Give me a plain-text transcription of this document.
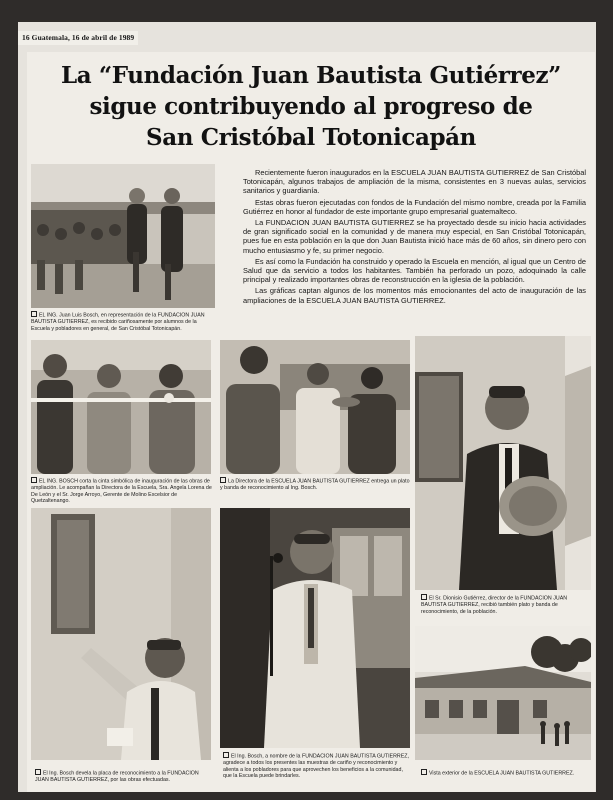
16 Guatemala, 16 de abril de 1989
La “Fundación Juan Bautista Gutiérrez”
sigue contribuyendo al progreso de
San Cristóbal Totonicapán
EL ING. Juan Luis Bosch, en representación de la FUNDACION JUAN BAUTISTA GUTIERREZ, es recibido cariñosamente por alumnos de la Escuela y pobladores en general, de San Cristóbal Totonicapán.

Recientemente fueron inaugurados en la ESCUELA JUAN BAUTISTA GUTIERREZ de San Cristóbal Totonicapán, algunos trabajos de ampliación de la misma, consistentes en 3 nuevas aulas, servicios sanitarios y guardianía.

Estas obras fueron ejecutadas con fondos de la Fundación del mismo nombre, creada por la Familia Gutiérrez en honor al fundador de este importante grupo empresarial guatemalteco.

La FUNDACION JUAN BAUTISTA GUTIERREZ se ha proyectado desde su inicio hacia actividades de gran significado social en la comunidad y de manera muy especial, en San Cristóbal Totonicapán, pues fue en esta población en la que don Juan Bautista inició hace más de 60 años, sin dinero pero con mucho entusiasmo y fe, su primer negocio.

Es así como la Fundación ha construido y operado la Escuela en mención, al igual que un Centro de Salud que da servicio a todos los habitantes. También ha perforado un pozo, adoquinado la calle principal y realizado importantes obras de reconstrucción en la iglesia de la población.

Las gráficas captan algunos de los momentos más emocionantes del acto de inauguración de las ampliaciones de la ESCUELA JUAN BAUTISTA GUTIERREZ.

EL ING. BOSCH corta la cinta simbólica de inauguración de las obras de ampliación. Le acompañan la Directora de la Escuela, Sra. Angela Lorena de De León y el Sr. Jorge Arroyo, Gerente de Molino Excelsior de Quetzaltenango.
La Directora de la ESCUELA JUAN BAUTISTA GUTIERREZ entrega un plato y banda de reconocimiento al Ing. Bosch.
El Sr. Dionisio Gutiérrez, director de la FUNDACION JUAN BAUTISTA GUTIERREZ, recibió también plato y banda de reconocimiento, de la población.
El Ing. Bosch devela la placa de reconocimiento a la FUNDACION JUAN BAUTISTA GUTIERREZ, por las obras efectuadas.
El Ing. Bosch, a nombre de la FUNDACION JUAN BAUTISTA GUTIERREZ, agradece a todos los presentes las muestras de cariño y reconocimiento y alienta a los pobladores para que aprovechen los beneficios a la comunidad, que la Escuela puede brindarles.	Vista exterior de la ESCUELA JUAN BAUTISTA GUTIERREZ.
